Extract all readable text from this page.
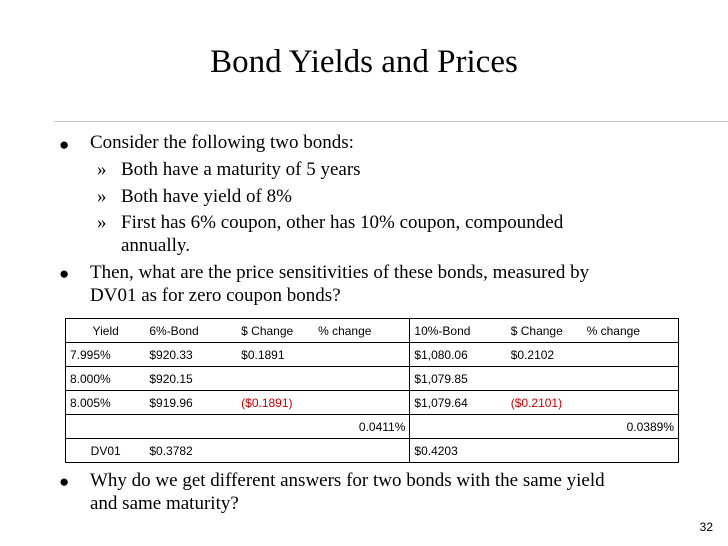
Bond Yields and Prices
● Consider the following two bonds:
» Both have a maturity of 5 years
» Both have yield of 8%
» First has 6% coupon, other has 10% coupon, compounded
annually.
● Then, what are the price sensitivities of these bonds, measured by
DV01 as for zero coupon bonds?
● Why do we get different answers for two bonds with the same yield
and same maturity?
Yield	6%-Bond	$ Change	% change	10%-Bond	$ Change	% change
7.995%	$920.33	$0.1891		$1,080.06	$0.2102	
8.000%	$920.15			$1,079.85		
8.005%	$919.96	($0.1891)		$1,079.64	($0.2101)	
			0.0411%			0.0389%
DV01	$0.3782			$0.4203		
32
